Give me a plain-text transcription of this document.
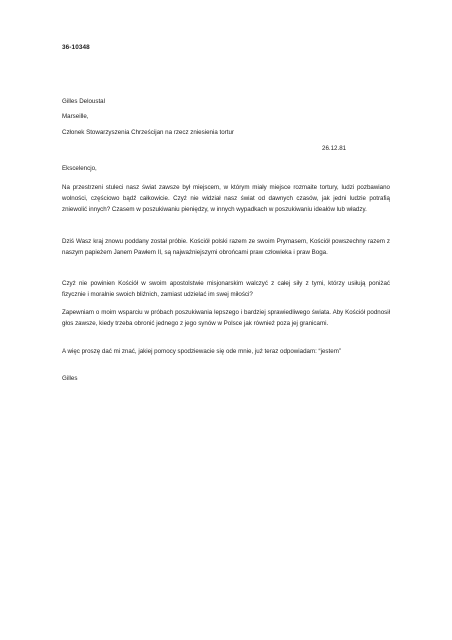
36-10348
Gilles Deloustal
Marseille,
Członek Stowarzyszenia Chrześcijan na rzecz zniesienia tortur
26.12.81
Ekscelencjo,
Na przestrzeni stuleci nasz świat zawsze był miejscem, w którym miały miejsce rozmaite tortury, ludzi pozbawiano wolności, częściowo bądź całkowicie. Czyż nie widział nasz świat od dawnych czasów, jak jedni ludzie potrafią zniewolić innych? Czasem w poszukiwaniu pieniędzy, w innych wypadkach w poszukiwaniu ideałów lub władzy.
Dziś Wasz kraj znowu poddany został próbie. Kościół polski razem ze swoim Prymasem, Kościół powszechny razem z naszym papieżem Janem Pawłem II, są najważniejszymi obrońcami praw człowieka i praw Boga.
Czyż nie powinien Kościół w swoim apostolstwie misjonarskim walczyć z całej siły z tymi, którzy usiłują poniżać fizycznie i moralnie swoich bliźnich, zamiast udzielać im swej miłości?
Zapewniam o moim wsparciu w próbach poszukiwania lepszego i bardziej sprawiedliwego świata. Aby Kościół podnosił głos zawsze, kiedy trzeba obronić jednego z jego synów w Polsce jak również poza jej granicami.
A więc proszę dać mi znać, jakiej pomocy spodziewacie się ode mnie, już teraz odpowiadam: “jestem”
Gilles
